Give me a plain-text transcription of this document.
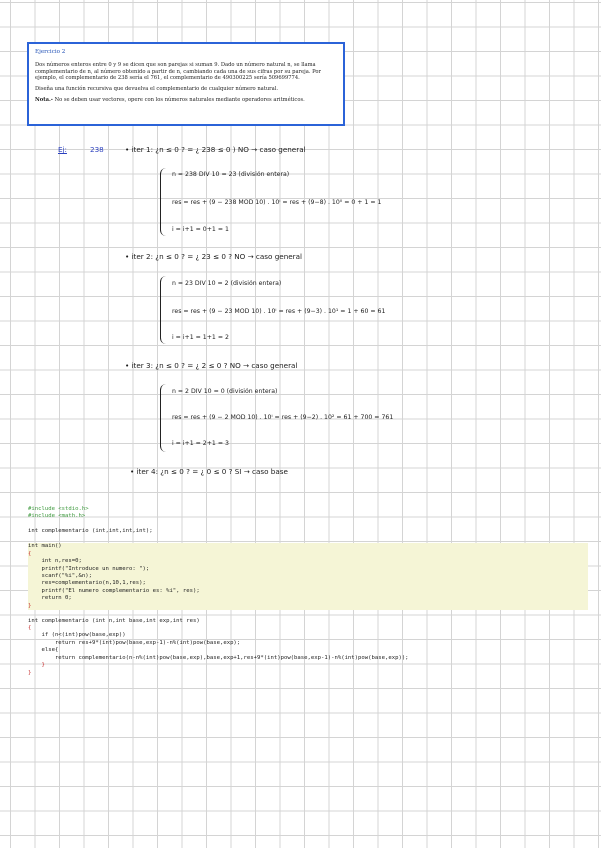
Ejercicio 2

Dos números enteros entre 0 y 9 se dicen que son parejas si suman 9. Dado un número natural n, se llama complementario de n, al número obtenido a partir de n, cambiando cada una de sus cifras por su pareja. Por ejemplo, el complementario de 238 sería el 761, el complementario de 490300225 sería 509699774.

Diseña una función recursiva que devuelva el complementario de cualquier número natural.

Nota.- No se deben usar vectores, opere con los números naturales mediante operadores aritméticos.

Ej:	238	• iter 1: ¿n ≤ 0 ? = ¿ 238 ≤ 0 ) NO → caso general
n = 238 DIV 10 = 23 (división entera)
res = res + (9 − 238 MOD 10) . 10ⁱ = res + (9−8) . 10⁰ = 0 + 1 = 1
i = i+1 = 0+1 = 1
• iter 2: ¿n ≤ 0 ? = ¿ 23 ≤ 0 ? NO → caso general
n = 23 DIV 10 = 2 (división entera)
res = res + (9 − 23 MOD 10) . 10ⁱ = res + (9−3) . 10¹ = 1 + 60 = 61
i = i+1 = 1+1 = 2
• iter 3: ¿n ≤ 0 ? = ¿ 2 ≤ 0 ? NO → caso general
n = 2 DIV 10 = 0 (división entera)
res = res + (9 − 2 MOD 10) . 10ⁱ = res + (9−2) . 10² = 61 + 700 = 761
i = i+1 = 2+1 = 3
• iter 4: ¿n ≤ 0 ? = ¿ 0 ≤ 0 ? SI → caso base
#include <stdio.h>
#include <math.h>
int complementario (int,int,int,int);
int main()
{
int n,res=0;
printf("Introduce un numero: ");
scanf("%i",&n);
res=complementario(n,10,1,res);
printf("El numero complementario es: %i", res);
return 0;
}
int complementario (int n,int base,int exp,int res)
{
if (n<(int)pow(base,exp))
return res+9*(int)pow(base,exp-1)-n%(int)pow(base,exp);
else{
return complementario(n-n%(int)pow(base,exp),base,exp+1,res+9*(int)pow(base,exp-1)-n%(int)pow(base,exp));
}
}
